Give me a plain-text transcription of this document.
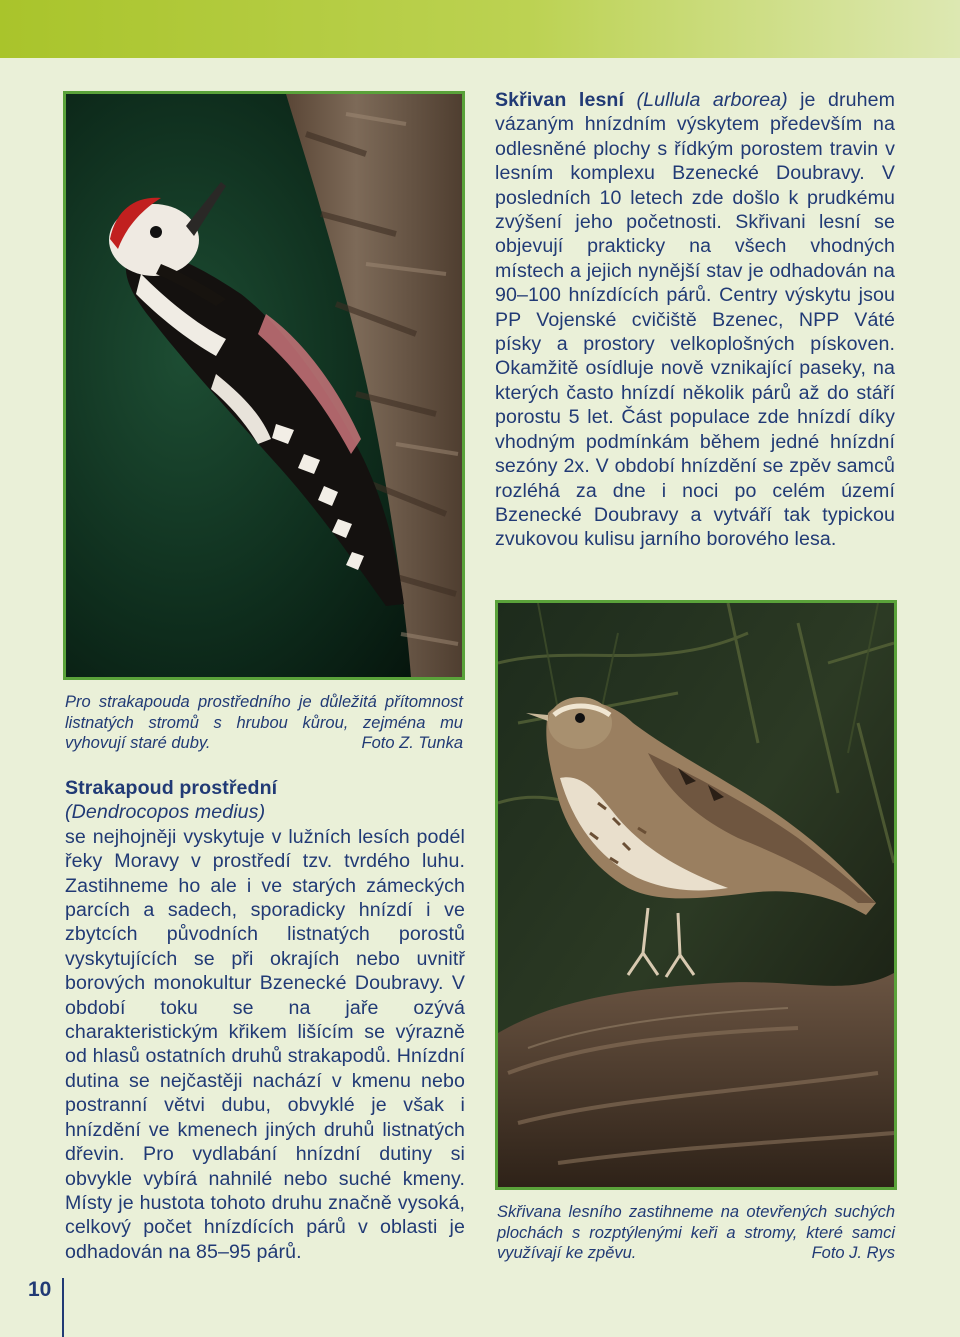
Pro strakapouda prostředního je důležitá přítomnost listnatých stromů s hrubou kůrou, zejména mu vyhovují staré duby.	Foto Z. Tunka
Skřivana lesního zastihneme na otevřených suchých plochách s rozptýlenými keři a stromy, které samci využívají ke zpěvu.	Foto J. Rys
Skřivan lesní (Lullula arborea) je druhem vázaným hnízdním výskytem především na odlesněné plochy s řídkým porostem travin v lesním komplexu Bzenecké Doubravy. V posledních 10 letech zde došlo k prudkému zvýšení jeho početnosti. Skřivani lesní se objevují prakticky na všech vhodných místech a jejich nynější stav je odhadován na 90–100 hnízdících párů. Centry výskytu jsou PP Vojenské cvičiště Bzenec, NPP Váté písky a prostory velkoplošných pískoven. Okamžitě osídluje nově vznikající paseky, na kterých často hnízdí několik párů až do stáří porostu 5 let. Část populace zde hnízdí díky vhodným podmínkám během jedné hnízdní sezóny 2x. V období hnízdění se zpěv samců rozléhá za dne i noci po celém území Bzenecké Doubravy a vytváří tak typickou zvukovou kulisu jarního borového lesa.
Strakapoud prostřední
(Dendrocopos medius)
se nejhojněji vyskytuje v lužních lesích podél řeky Moravy v prostředí tzv. tvrdého luhu. Zastihneme ho ale i ve starých zámeckých parcích a sadech, sporadicky hnízdí i ve zbytcích původních listnatých porostů vyskytujících se při okrajích nebo uvnitř borových monokultur Bzenecké Doubravy. V období toku se na jaře ozývá charakteristickým křikem lišícím se výrazně od hlasů ostatních druhů strakapodů. Hnízdní dutina se nejčastěji nachází v kmenu nebo postranní větvi dubu, obvyklé je však i hnízdění ve kmenech jiných druhů listnatých dřevin. Pro vydlabání hnízdní dutiny si obvykle vybírá nahnilé nebo suché kmeny. Místy je hustota tohoto druhu značně vysoká, celkový počet hnízdících párů v oblasti je odhadován na 85–95 párů.
10
